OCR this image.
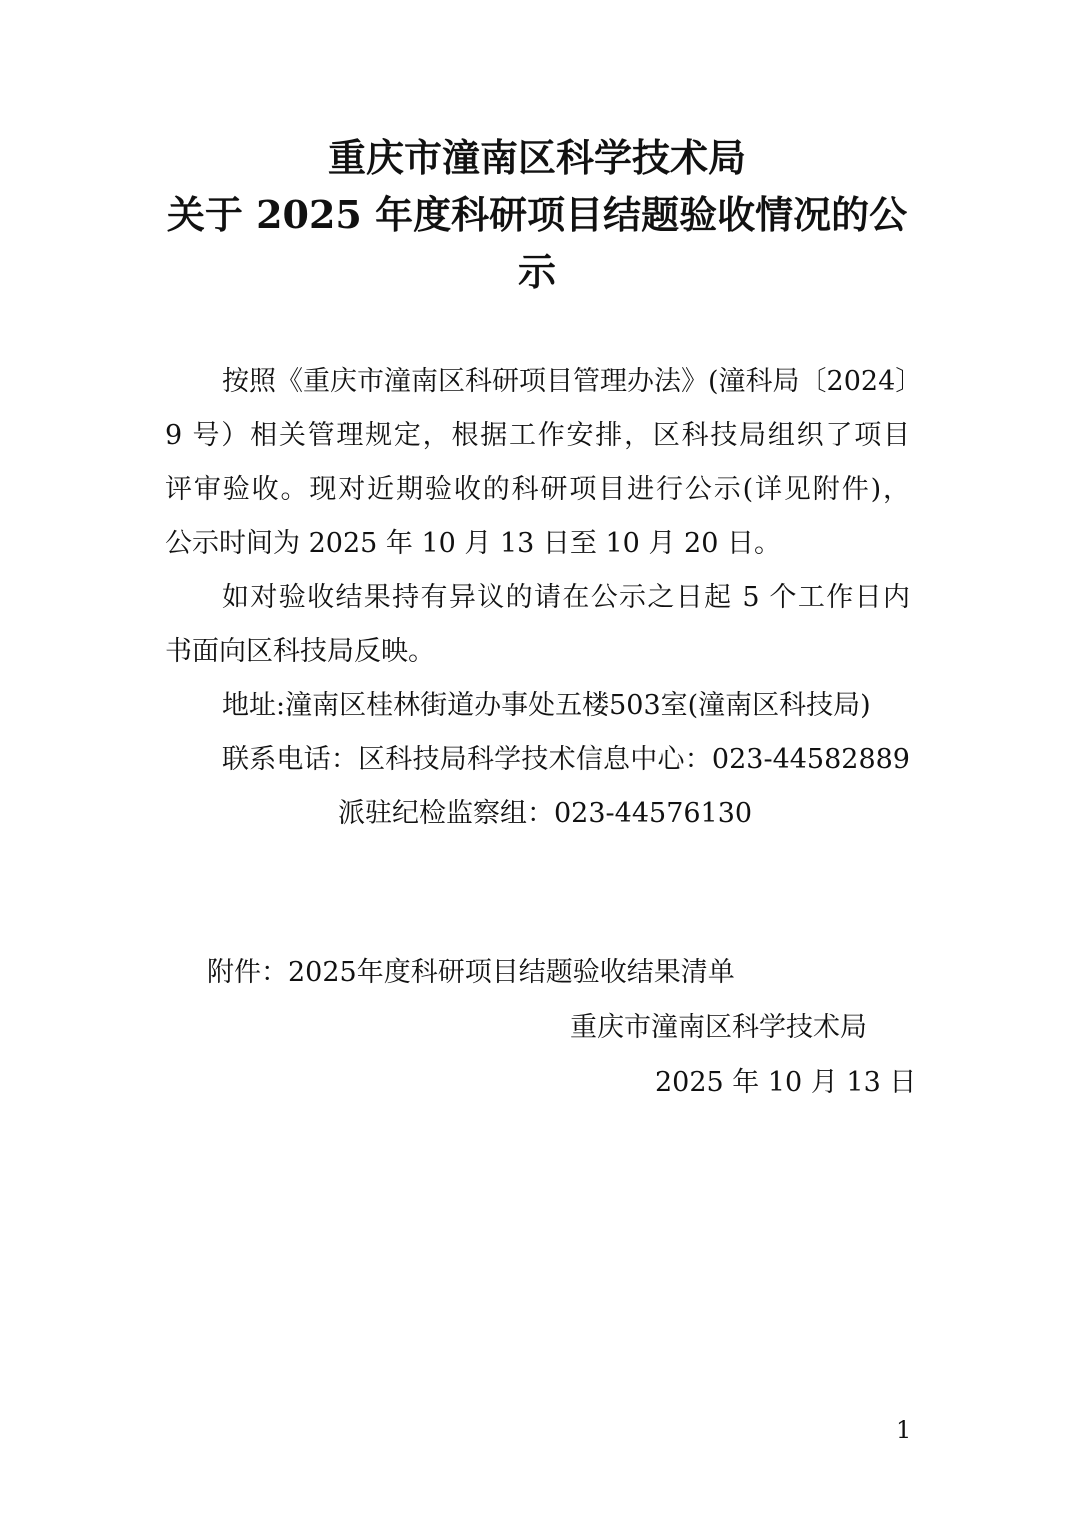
重庆市潼南区科学技术局
关于 2025 年度科研项目结题验收情况的公
示

按照《重庆市潼南区科研项目管理办法》(潼科局〔2024〕

9 号）相关管理规定，根据工作安排，区科技局组织了项目

评审验收。现对近期验收的科研项目进行公示(详见附件)，

公示时间为 2025 年 10 月 13 日至 10 月 20 日。

如对验收结果持有异议的请在公示之日起 5 个工作日内

书面向区科技局反映。

地址:潼南区桂林街道办事处五楼503室(潼南区科技局)

联系电话：区科技局科学技术信息中心：023-44582889

派驻纪检监察组：023-44576130

附件：2025年度科研项目结题验收结果清单

重庆市潼南区科学技术局

2025 年 10 月 13 日

1
